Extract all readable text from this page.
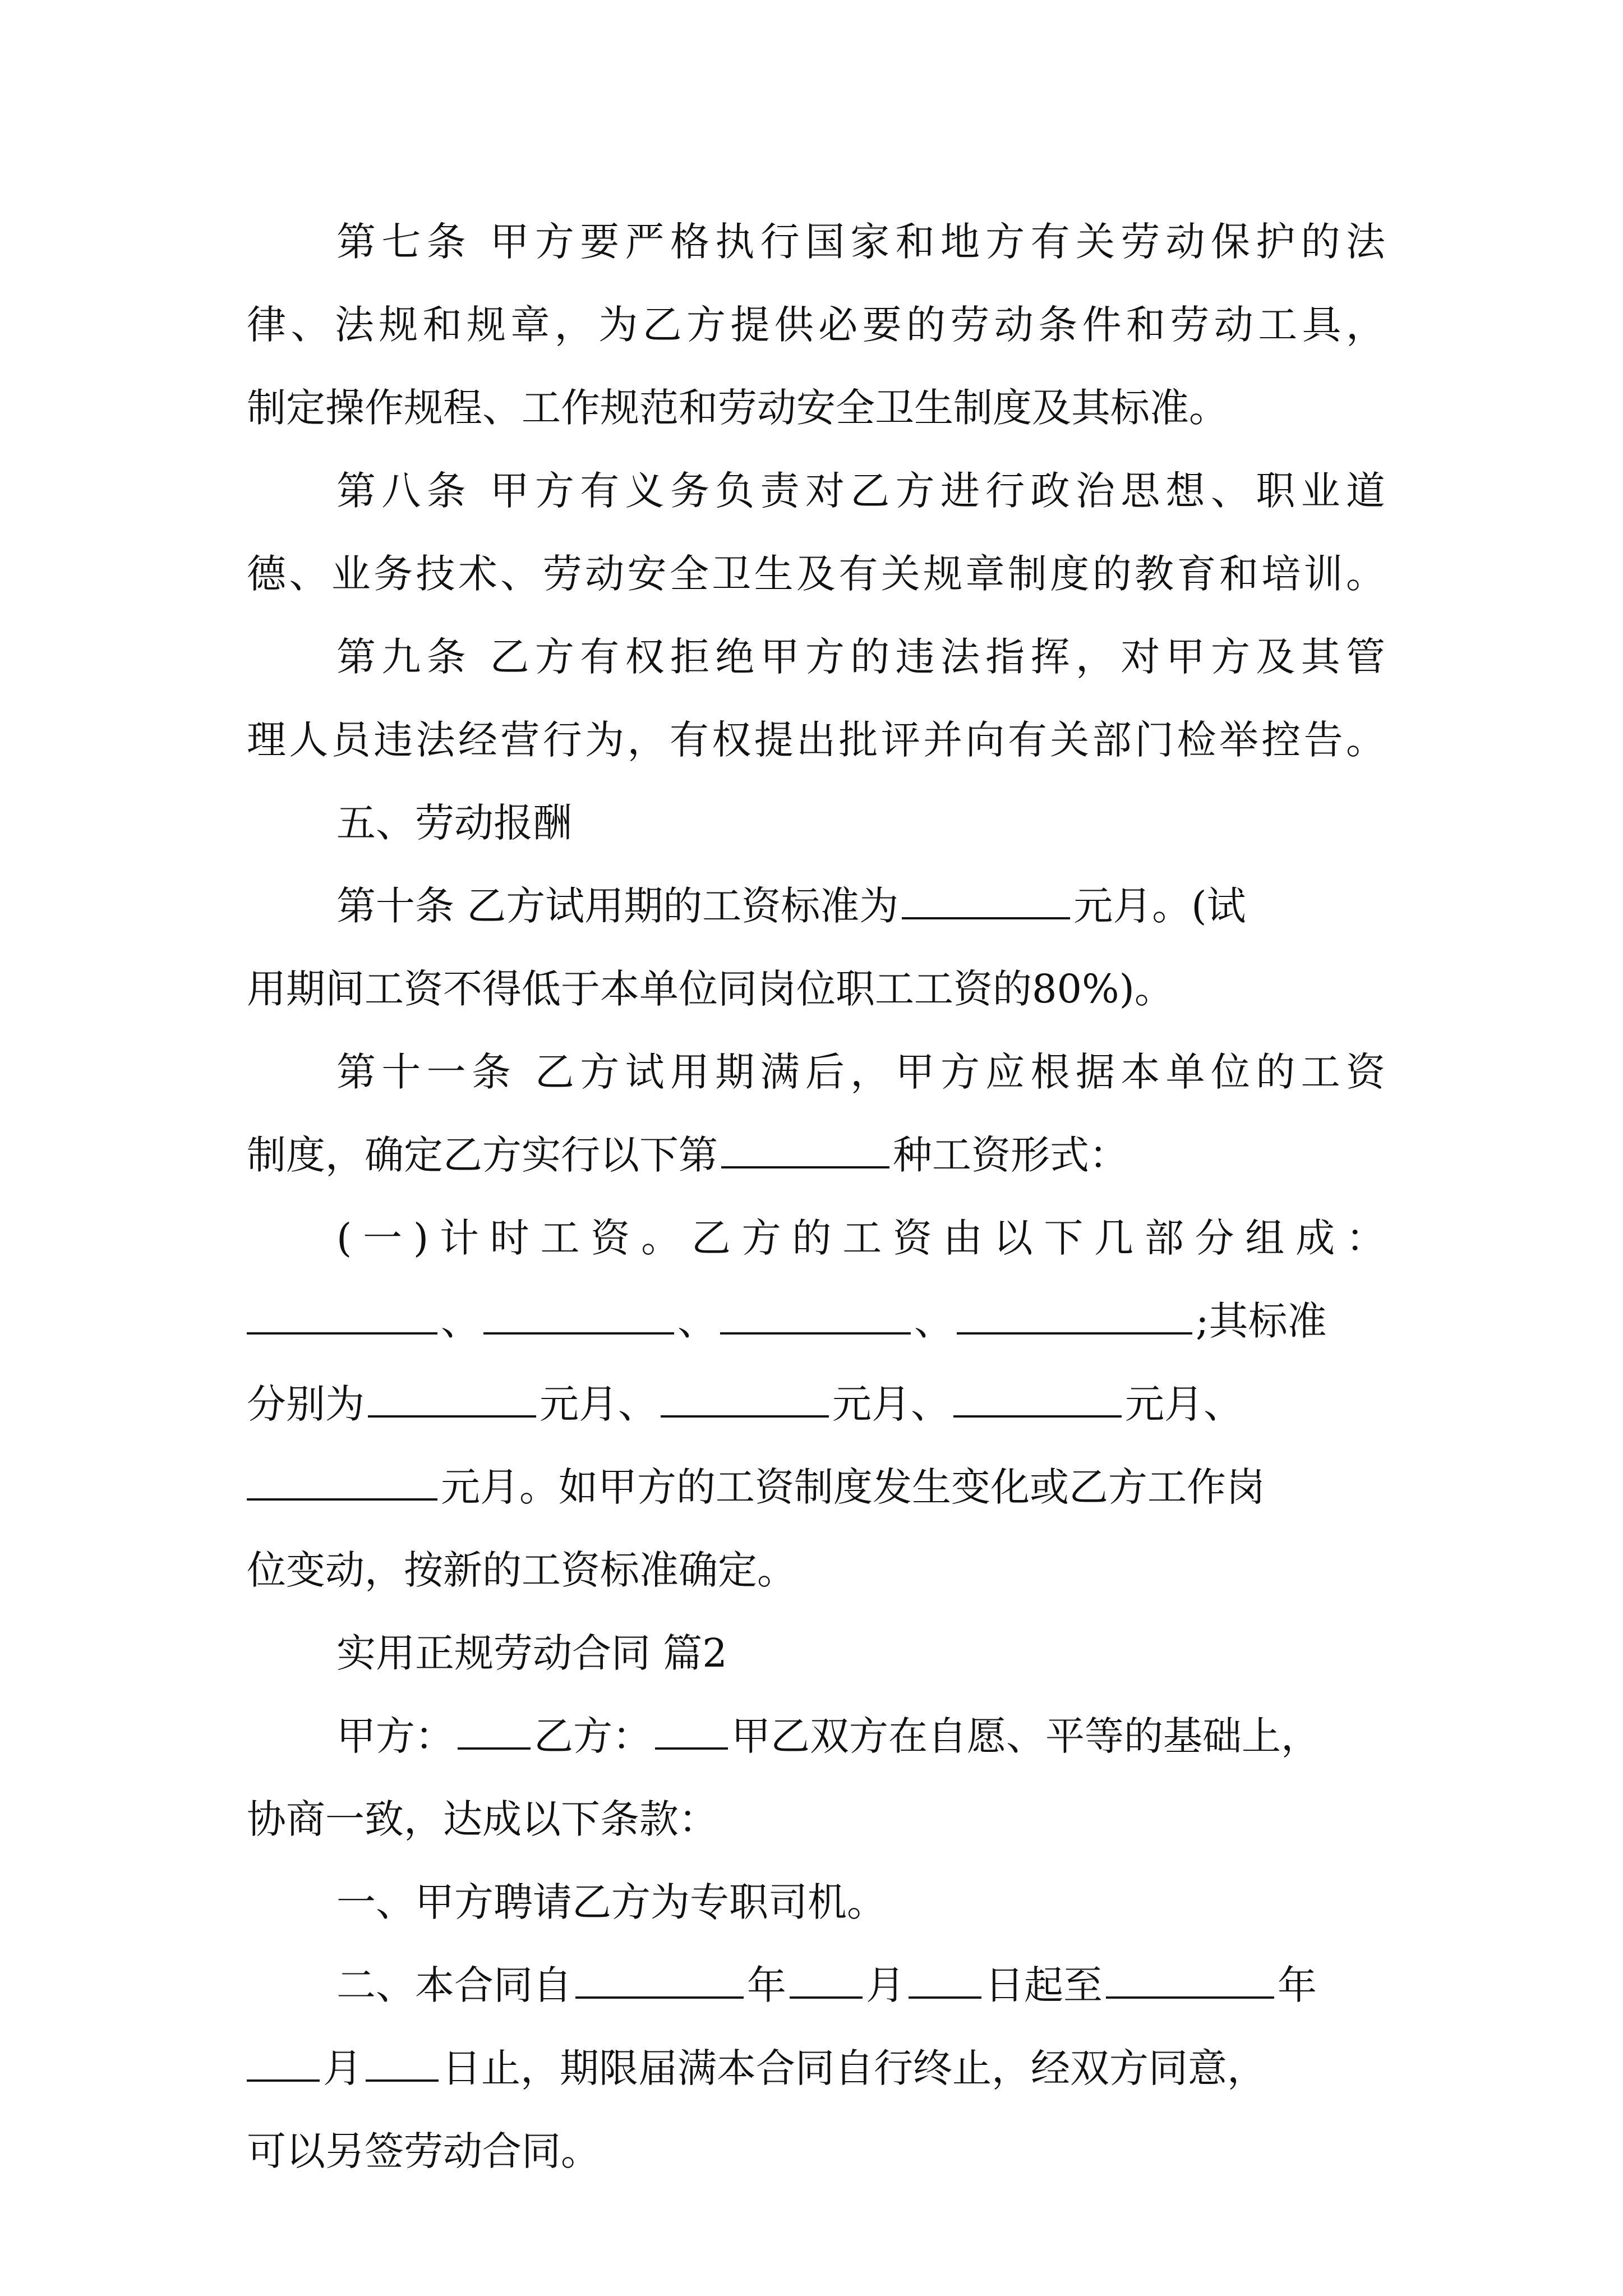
第七条 甲方要严格执行国家和地方有关劳动保护的法
律、法规和规章，为乙方提供必要的劳动条件和劳动工具，
制定操作规程、工作规范和劳动安全卫生制度及其标准。
第八条 甲方有义务负责对乙方进行政治思想、职业道
德、业务技术、劳动安全卫生及有关规章制度的教育和培训。
第九条 乙方有权拒绝甲方的违法指挥，对甲方及其管
理人员违法经营行为，有权提出批评并向有关部门检举控告。
五、劳动报酬
第十条 乙方试用期的工资标准为	元月。(试
用期间工资不得低于本单位同岗位职工工资的80%)。
第十一条 乙方试用期满后，甲方应根据本单位的工资
制度，确定乙方实行以下第	种工资形式：
(一)计时工资。乙方的工资由以下几部分组成：
、	、	、	;其标准
分别为	元月、	元月、	元月、
元月。如甲方的工资制度发生变化或乙方工作岗
位变动，按新的工资标准确定。
实用正规劳动合同 篇2
甲方： 乙方： 甲乙双方在自愿、平等的基础上，
协商一致，达成以下条款：
一、甲方聘请乙方为专职司机。
二、本合同自	年 月 日起至	年
月 日止，期限届满本合同自行终止，经双方同意，
可以另签劳动合同。
